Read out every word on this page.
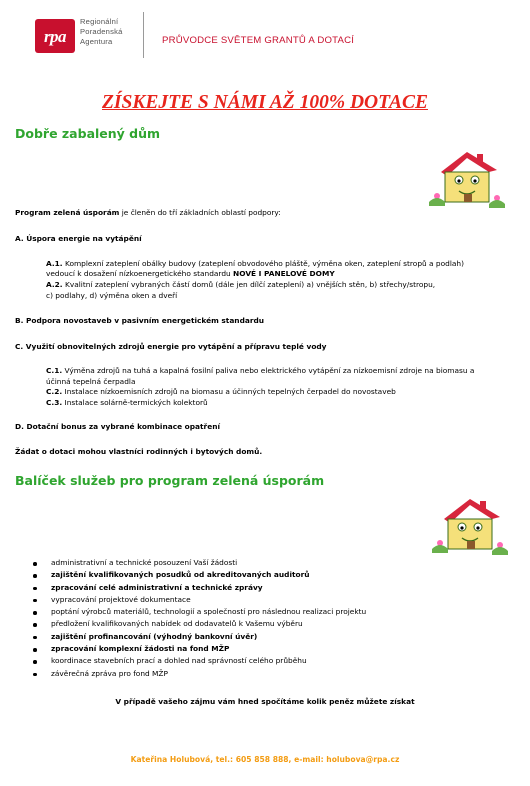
rpa
Regionální
Poradenská
Agentura	PRŮVODCE SVĚTEM GRANTŮ A DOTACÍ
ZÍSKEJTE S NÁMI AŽ 100% DOTACE
Dobře zabalený dům
Program zelená úsporám je členěn do tří základních oblastí podpory:
A. Úspora energie na vytápění
A.1. Komplexní zateplení obálky budovy (zateplení obvodového pláště, výměna oken, zateplení stropů a podlah)
vedoucí k dosažení nízkoenergetického standardu NOVÉ I PANELOVÉ DOMY
A.2. Kvalitní zateplení vybraných částí domů (dále jen dílčí zateplení) a) vnějších stěn, b) střechy/stropu,
c) podlahy, d) výměna oken a dveří
B. Podpora novostaveb v pasivním energetickém standardu
C. Využití obnovitelných zdrojů energie pro vytápění a přípravu teplé vody
C.1. Výměna zdrojů na tuhá a kapalná fosilní paliva nebo elektrického vytápění za nízkoemisní zdroje na biomasu a
účinná tepelná čerpadla
C.2. Instalace nízkoemisních zdrojů na biomasu a účinných tepelných čerpadel do novostaveb
C.3. Instalace solárně-termických kolektorů
D. Dotační bonus za vybrané kombinace opatření
Žádat o dotaci mohou vlastníci rodinných i bytových domů.
Balíček služeb pro program zelená úsporám
administrativní a technické posouzení Vaší žádosti
zajištění kvalifikovaných posudků od akreditovaných auditorů
zpracování celé administrativní a technické zprávy
vypracování projektové dokumentace
poptání výrobců materiálů, technologií a společností pro následnou realizaci projektu
předložení kvalifikovaných nabídek od dodavatelů k Vašemu výběru
zajištění profinancování (výhodný bankovní úvěr)
zpracování komplexní žádosti na fond MŽP
koordinace stavebních prací a dohled nad správností celého průběhu
závěrečná zpráva pro fond MŽP
V případě vašeho zájmu vám hned spočítáme kolik peněz můžete získat
Kateřina Holubová, tel.: 605 858 888, e-mail: holubova@rpa.cz
